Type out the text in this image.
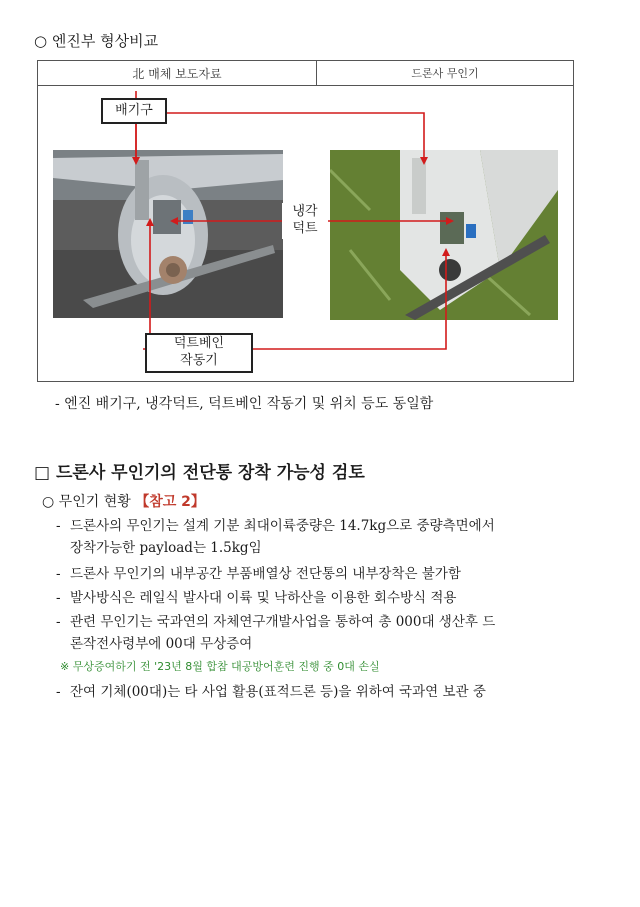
○ 엔진부 형상비교
北 매체 보도자료	드론사 무인기
배기구
냉각
덕트
덕트베인
작동기
- 엔진 배기구, 냉각덕트, 덕트베인 작동기 및 위치 등도 동일함
□ 드론사 무인기의 전단통 장착 가능성 검토
○ 무인기 현황 【참고 2】
- 드론사의 무인기는 설계 기분 최대이륙중량은 14.7kg으로 중량측면에서
장착가능한 payload는 1.5kg임
- 드론사 무인기의 내부공간 부품배열상 전단통의 내부장착은 불가함
- 발사방식은 레일식 발사대 이륙 및 낙하산을 이용한 회수방식 적용
- 관련 무인기는 국과연의 자체연구개발사업을 통하여 총 000대 생산후 드
론작전사령부에 00대 무상증여
※ 무상증여하기 전 '23년 8월 합참 대공방어훈련 진행 중 0대 손실
- 잔여 기체(00대)는 타 사업 활용(표적드론 등)을 위하여 국과연 보관 중
